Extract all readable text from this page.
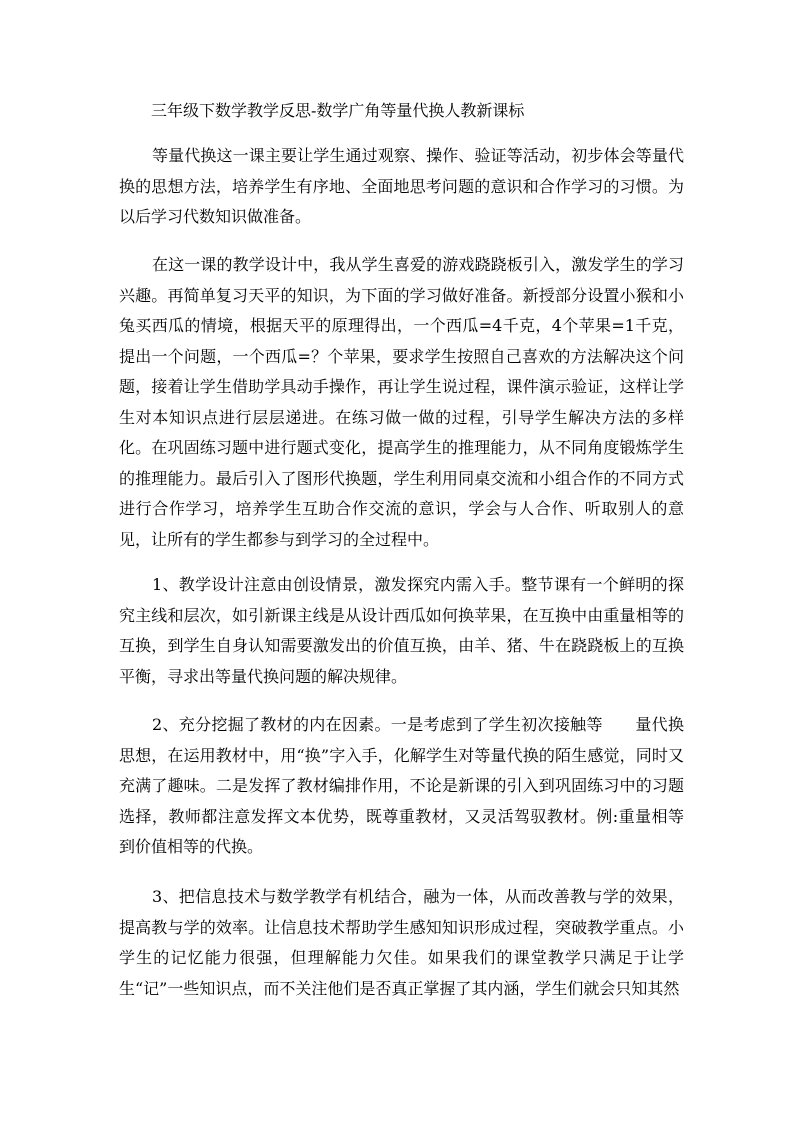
三年级下数学教学反思-数学广角等量代换人教新课标

等量代换这一课主要让学生通过观察、操作、验证等活动，初步体会等量代换的思想方法，培养学生有序地、全面地思考问题的意识和合作学习的习惯。为以后学习代数知识做准备。

在这一课的教学设计中，我从学生喜爱的游戏跷跷板引入，激发学生的学习兴趣。再简单复习天平的知识，为下面的学习做好准备。新授部分设置小猴和小兔买西瓜的情境，根据天平的原理得出，一个西瓜=4千克，4个苹果=1千克，提出一个问题，一个西瓜=？个苹果，要求学生按照自己喜欢的方法解决这个问题，接着让学生借助学具动手操作，再让学生说过程，课件演示验证，这样让学生对本知识点进行层层递进。在练习做一做的过程，引导学生解决方法的多样化。在巩固练习题中进行题式变化，提高学生的推理能力，从不同角度锻炼学生的推理能力。最后引入了图形代换题，学生利用同桌交流和小组合作的不同方式进行合作学习，培养学生互助合作交流的意识，学会与人合作、听取别人的意见，让所有的学生都参与到学习的全过程中。

1、教学设计注意由创设情景，激发探究内需入手。整节课有一个鲜明的探究主线和层次，如引新课主线是从设计西瓜如何换苹果，在互换中由重量相等的互换，到学生自身认知需要激发出的价值互换，由羊、猪、牛在跷跷板上的互换平衡，寻求出等量代换问题的解决规律。

2、充分挖掘了教材的内在因素。一是考虑到了学生初次接触等　　量代换思想，在运用教材中，用“换”字入手，化解学生对等量代换的陌生感觉，同时又充满了趣味。二是发挥了教材编排作用，不论是新课的引入到巩固练习中的习题选择，教师都注意发挥文本优势，既尊重教材，又灵活驾驭教材。例:重量相等到价值相等的代换。

3、把信息技术与数学教学有机结合，融为一体，从而改善教与学的效果，提高教与学的效率。让信息技术帮助学生感知知识形成过程，突破教学重点。小学生的记忆能力很强，但理解能力欠佳。如果我们的课堂教学只满足于让学生“记”一些知识点，而不关注他们是否真正掌握了其内涵，学生们就会只知其然
